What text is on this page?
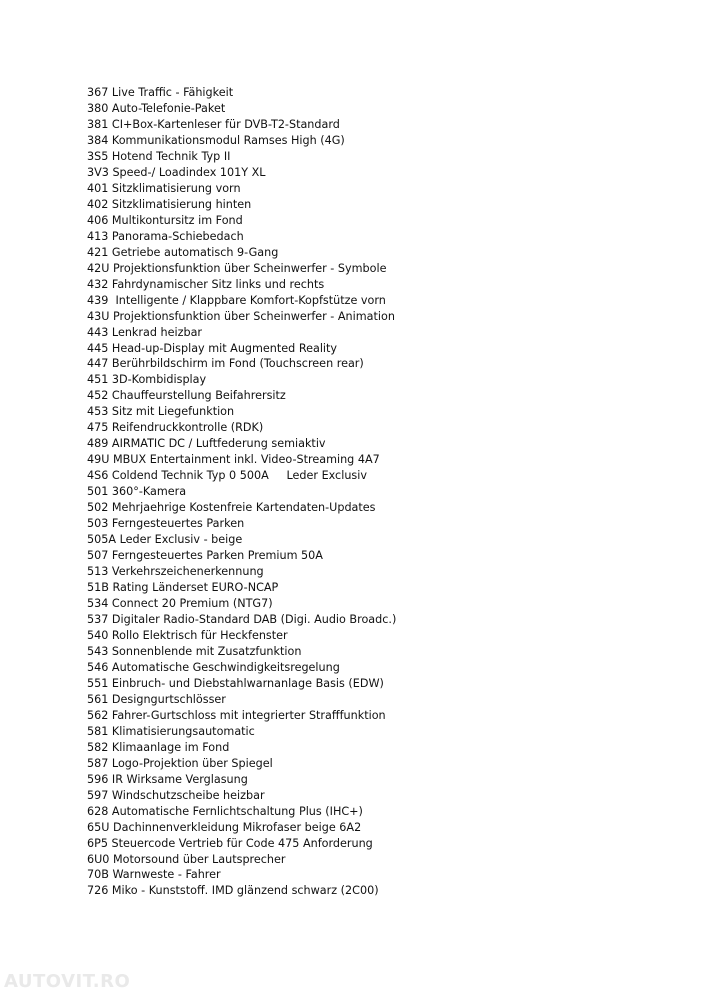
367 Live Traffic - Fähigkeit
380 Auto-Telefonie-Paket
381 CI+Box-Kartenleser für DVB-T2-Standard
384 Kommunikationsmodul Ramses High (4G)
3S5 Hotend Technik Typ II
3V3 Speed-/ Loadindex 101Y XL
401 Sitzklimatisierung vorn
402 Sitzklimatisierung hinten
406 Multikontursitz im Fond
413 Panorama-Schiebedach
421 Getriebe automatisch 9-Gang
42U Projektionsfunktion über Scheinwerfer - Symbole
432 Fahrdynamischer Sitz links und rechts
439  Intelligente / Klappbare Komfort-Kopfstütze vorn
43U Projektionsfunktion über Scheinwerfer - Animation
443 Lenkrad heizbar
445 Head-up-Display mit Augmented Reality
447 Berührbildschirm im Fond (Touchscreen rear)
451 3D-Kombidisplay
452 Chauffeurstellung Beifahrersitz
453 Sitz mit Liegefunktion
475 Reifendruckkontrolle (RDK)
489 AIRMATIC DC / Luftfederung semiaktiv
49U MBUX Entertainment inkl. Video-Streaming 4A7
4S6 Coldend Technik Typ 0 500A     Leder Exclusiv
501 360°-Kamera
502 Mehrjaehrige Kostenfreie Kartendaten-Updates
503 Ferngesteuertes Parken
505A Leder Exclusiv - beige
507 Ferngesteuertes Parken Premium 50A
513 Verkehrszeichenerkennung
51B Rating Länderset EURO-NCAP
534 Connect 20 Premium (NTG7)
537 Digitaler Radio-Standard DAB (Digi. Audio Broadc.)
540 Rollo Elektrisch für Heckfenster
543 Sonnenblende mit Zusatzfunktion
546 Automatische Geschwindigkeitsregelung
551 Einbruch- und Diebstahlwarnanlage Basis (EDW)
561 Designgurtschlösser
562 Fahrer-Gurtschloss mit integrierter Strafffunktion
581 Klimatisierungsautomatic
582 Klimaanlage im Fond
587 Logo-Projektion über Spiegel
596 IR Wirksame Verglasung
597 Windschutzscheibe heizbar
628 Automatische Fernlichtschaltung Plus (IHC+)
65U Dachinnenverkleidung Mikrofaser beige 6A2
6P5 Steuercode Vertrieb für Code 475 Anforderung
6U0 Motorsound über Lautsprecher
70B Warnweste - Fahrer
726 Miko - Kunststoff. IMD glänzend schwarz (2C00)
AUTOVIT.RO
